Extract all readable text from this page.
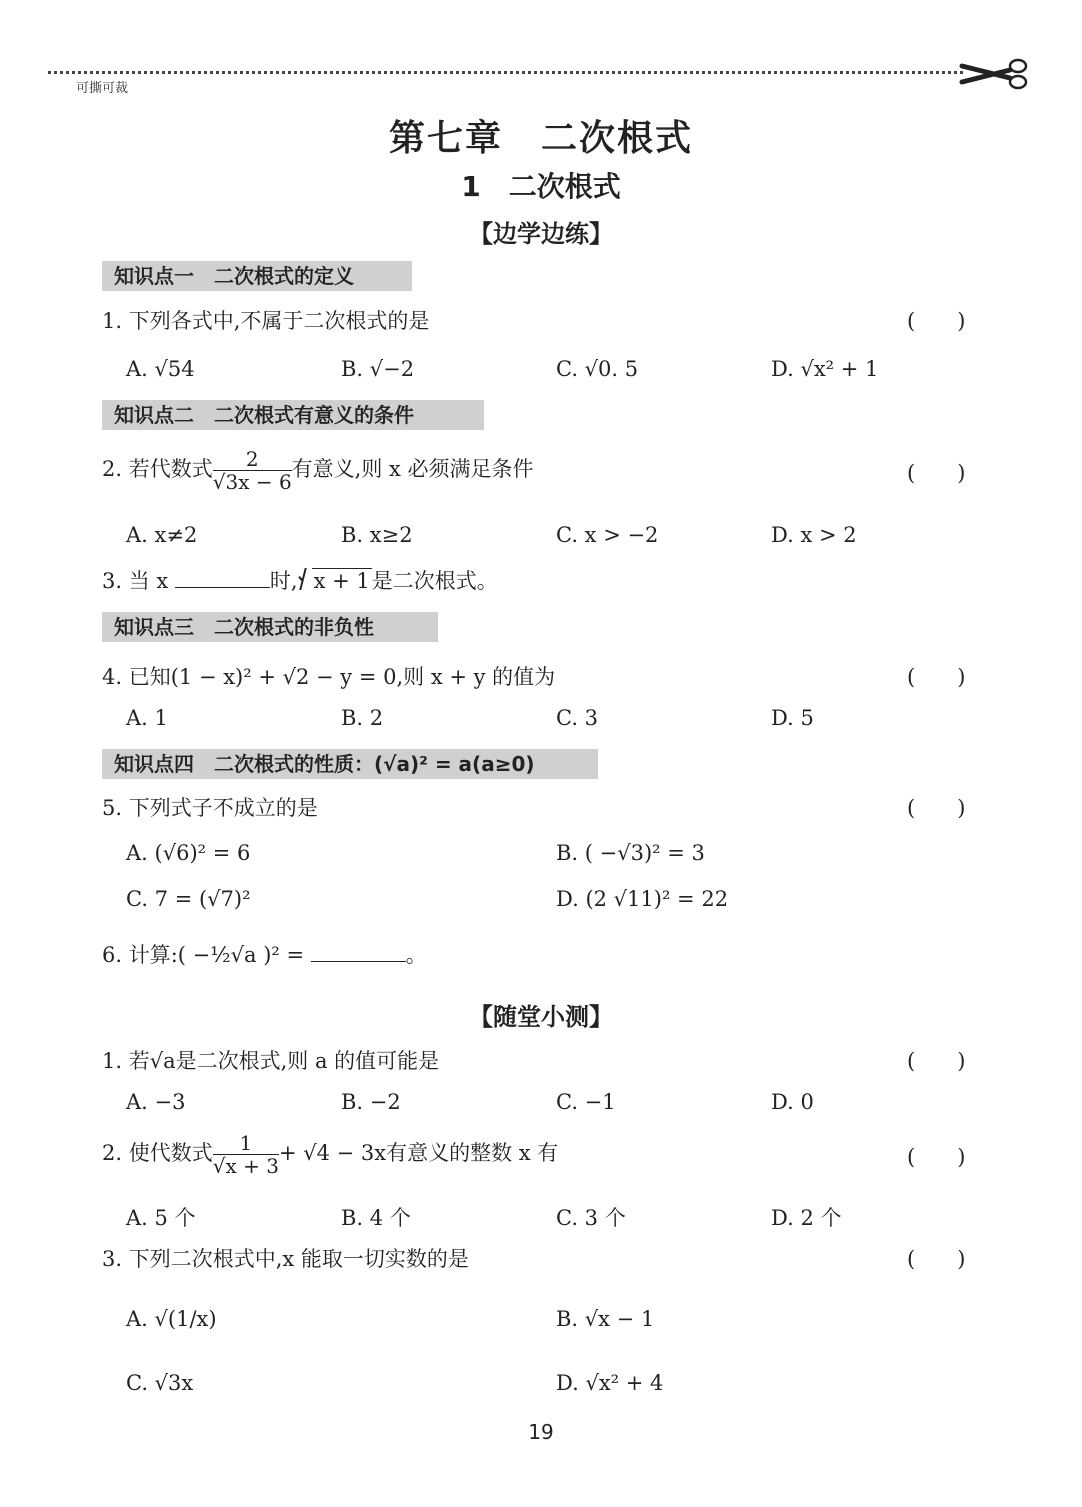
可撕可裁
第七章　二次根式
1　二次根式
【边学边练】
知识点一　二次根式的定义
1. 下列各式中,不属于二次根式的是	(　　)
A. √54	B. √−2	C. √0. 5	D. √x² + 1
知识点二　二次根式有意义的条件
2. 若代数式 $\frac{2}{√3x - 6}$ 有意义,则 x 必须满足条件	(　　)
A. x≠2	B. x≥2	C. x > −2	D. x > 2
3. 当 x	时, x + 1是二次根式。
知识点三　二次根式的非负性
4. 已知(1 − x)² + √2 − y = 0,则 x + y 的值为	(　　)
A. 1	B. 2	C. 3	D. 5
知识点四　二次根式的性质：(√a)² = a(a≥0)
5. 下列式子不成立的是	(　　)
A. (√6)² = 6	B. ( −√3)² = 3
C. 7 = (√7)²	D. (2 √11)² = 22
6. 计算:( −½√a )² =	。
【随堂小测】
1. 若√a是二次根式,则 a 的值可能是	(　　)
A. −3	B. −2	C. −1	D. 0
2. 使代数式 $\frac{1}{√x + 3} + √4 - 3x$有意义的整数 x 有	(　　)
A. 5 个	B. 4 个	C. 3 个	D. 2 个
3. 下列二次根式中,x 能取一切实数的是	(　　)
A. √(1/x)	B. √x − 1
C. √3x	D. √x² + 4
19
